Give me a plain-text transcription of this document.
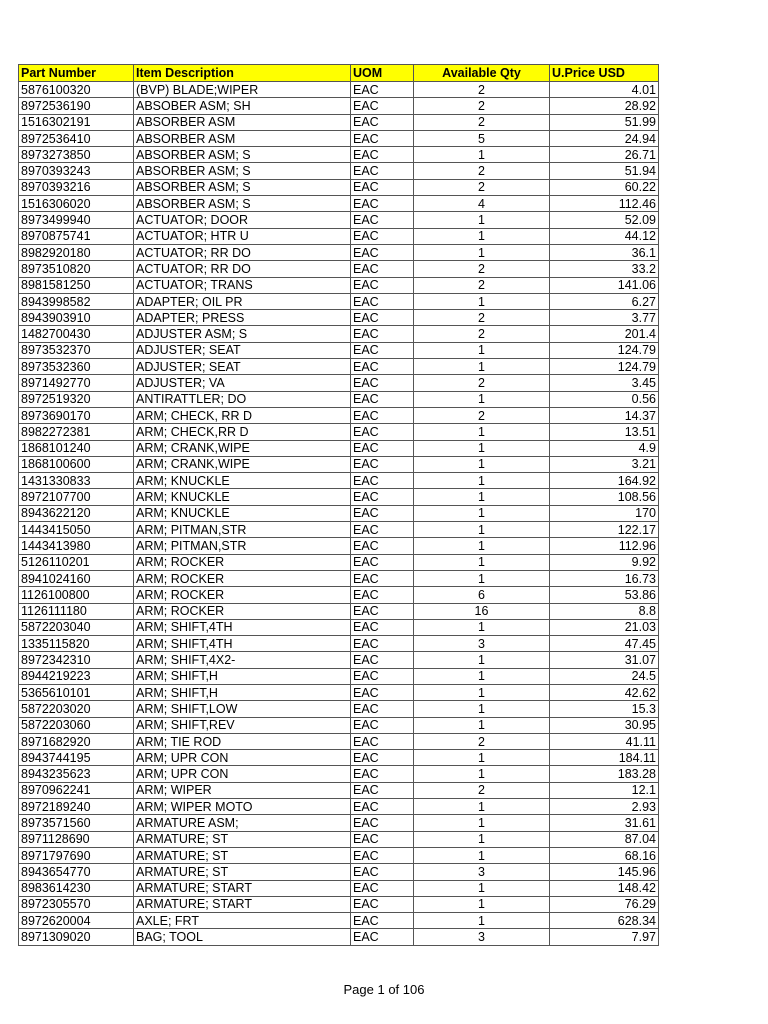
Part Number	Item Description	UOM	Available Qty	U.Price USD
5876100320	(BVP) BLADE;WIPER	EAC	2	4.01
8972536190	ABSOBER ASM; SH	EAC	2	28.92
1516302191	ABSORBER ASM	EAC	2	51.99
8972536410	ABSORBER ASM	EAC	5	24.94
8973273850	ABSORBER ASM; S	EAC	1	26.71
8970393243	ABSORBER ASM; S	EAC	2	51.94
8970393216	ABSORBER ASM; S	EAC	2	60.22
1516306020	ABSORBER ASM; S	EAC	4	112.46
8973499940	ACTUATOR; DOOR	EAC	1	52.09
8970875741	ACTUATOR; HTR U	EAC	1	44.12
8982920180	ACTUATOR; RR DO	EAC	1	36.1
8973510820	ACTUATOR; RR DO	EAC	2	33.2
8981581250	ACTUATOR; TRANS	EAC	2	141.06
8943998582	ADAPTER; OIL PR	EAC	1	6.27
8943903910	ADAPTER; PRESS	EAC	2	3.77
1482700430	ADJUSTER ASM; S	EAC	2	201.4
8973532370	ADJUSTER; SEAT	EAC	1	124.79
8973532360	ADJUSTER; SEAT	EAC	1	124.79
8971492770	ADJUSTER; VA	EAC	2	3.45
8972519320	ANTIRATTLER; DO	EAC	1	0.56
8973690170	ARM; CHECK, RR D	EAC	2	14.37
8982272381	ARM; CHECK,RR D	EAC	1	13.51
1868101240	ARM; CRANK,WIPE	EAC	1	4.9
1868100600	ARM; CRANK,WIPE	EAC	1	3.21
1431330833	ARM; KNUCKLE	EAC	1	164.92
8972107700	ARM; KNUCKLE	EAC	1	108.56
8943622120	ARM; KNUCKLE	EAC	1	170
1443415050	ARM; PITMAN,STR	EAC	1	122.17
1443413980	ARM; PITMAN,STR	EAC	1	112.96
5126110201	ARM; ROCKER	EAC	1	9.92
8941024160	ARM; ROCKER	EAC	1	16.73
1126100800	ARM; ROCKER	EAC	6	53.86
1126111180	ARM; ROCKER	EAC	16	8.8
5872203040	ARM; SHIFT,4TH	EAC	1	21.03
1335115820	ARM; SHIFT,4TH	EAC	3	47.45
8972342310	ARM; SHIFT,4X2-	EAC	1	31.07
8944219223	ARM; SHIFT,H	EAC	1	24.5
5365610101	ARM; SHIFT,H	EAC	1	42.62
5872203020	ARM; SHIFT,LOW	EAC	1	15.3
5872203060	ARM; SHIFT,REV	EAC	1	30.95
8971682920	ARM; TIE ROD	EAC	2	41.11
8943744195	ARM; UPR CON	EAC	1	184.11
8943235623	ARM; UPR CON	EAC	1	183.28
8970962241	ARM; WIPER	EAC	2	12.1
8972189240	ARM; WIPER MOTO	EAC	1	2.93
8973571560	ARMATURE ASM;	EAC	1	31.61
8971128690	ARMATURE; ST	EAC	1	87.04
8971797690	ARMATURE; ST	EAC	1	68.16
8943654770	ARMATURE; ST	EAC	3	145.96
8983614230	ARMATURE; START	EAC	1	148.42
8972305570	ARMATURE; START	EAC	1	76.29
8972620004	AXLE; FRT	EAC	1	628.34
8971309020	BAG; TOOL	EAC	3	7.97
Page 1 of 106
